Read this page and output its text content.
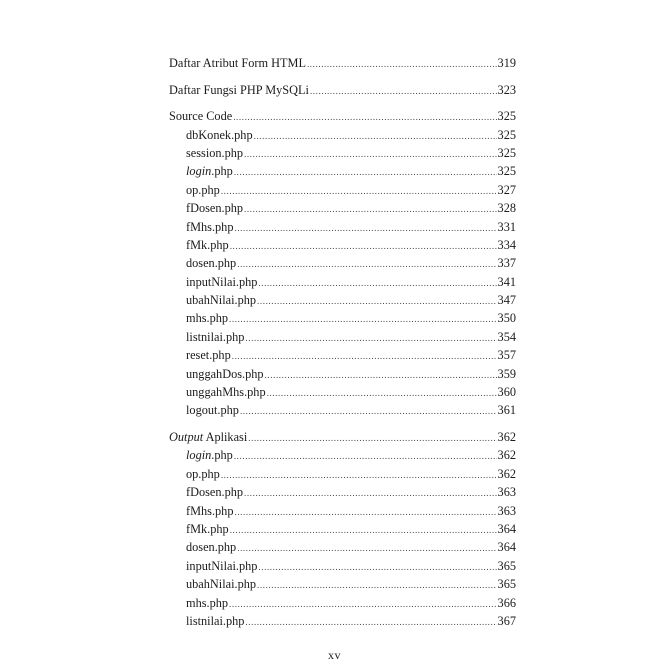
Daftar Atribut Form HTML .....	319
Daftar Fungsi PHP MySQLi .....	323
Source Code .....	325
dbKonek.php .....	325
session.php .....	325
login.php .....	325
op.php .....	327
fDosen.php .....	328
fMhs.php .....	331
fMk.php .....	334
dosen.php .....	337
inputNilai.php .....	341
ubahNilai.php .....	347
mhs.php .....	350
listnilai.php .....	354
reset.php .....	357
unggahDos.php .....	359
unggahMhs.php .....	360
logout.php .....	361
Output Aplikasi .....	362
login.php .....	362
op.php .....	362
fDosen.php .....	363
fMhs.php .....	363
fMk.php .....	364
dosen.php .....	364
inputNilai.php .....	365
ubahNilai.php .....	365
mhs.php .....	366
listnilai.php .....	367
xv
